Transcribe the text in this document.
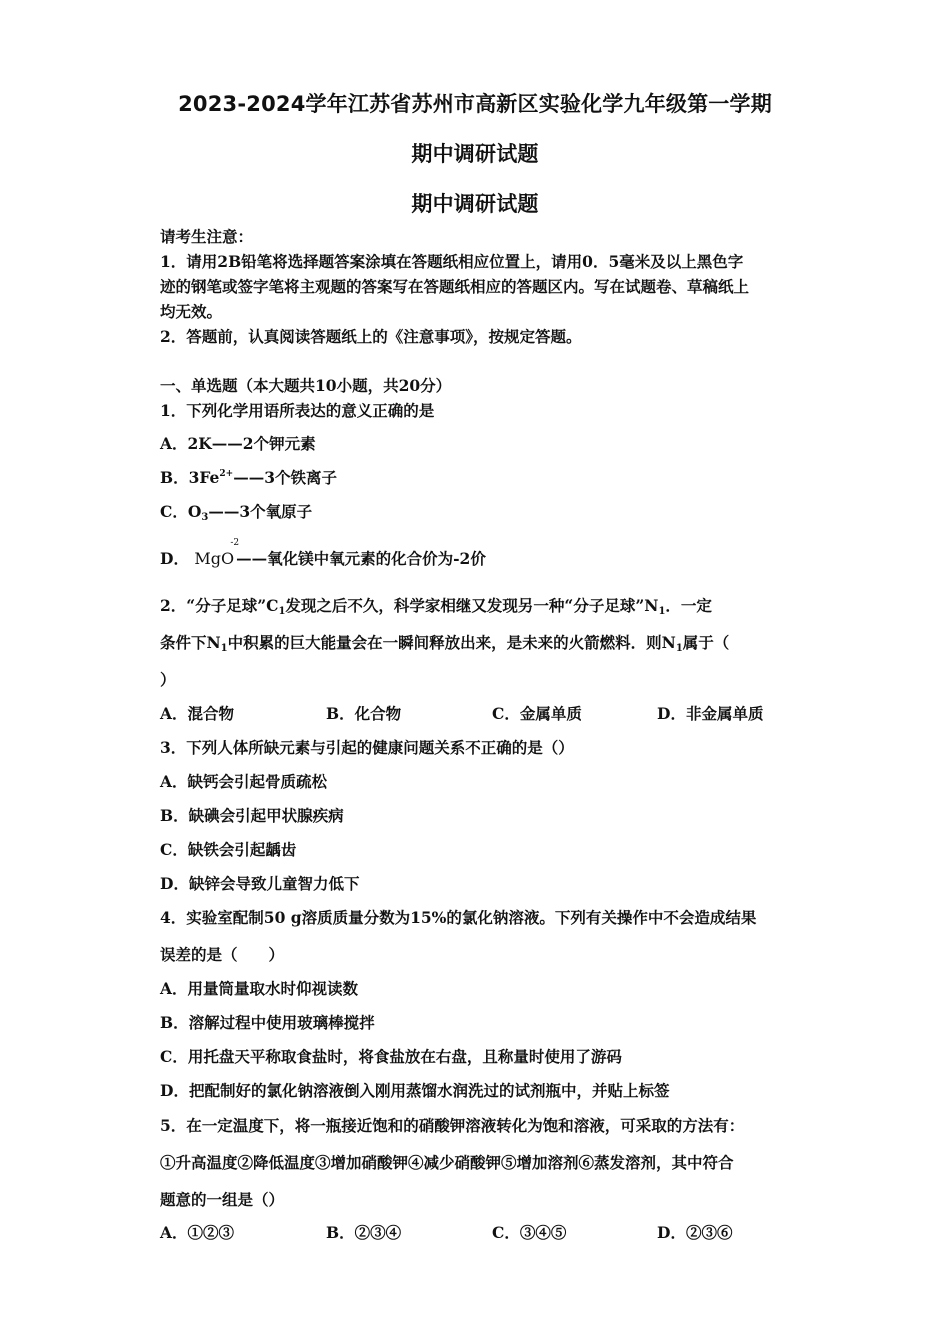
2023-2024学年江苏省苏州市高新区实验化学九年级第一学期
期中调研试题
期中调研试题
请考生注意：
1．请用2B铅笔将选择题答案涂填在答题纸相应位置上，请用0．5毫米及以上黑色字
迹的钢笔或签字笔将主观题的答案写在答题纸相应的答题区内。写在试题卷、草稿纸上
均无效。
2．答题前，认真阅读答题纸上的《注意事项》，按规定答题。
一、单选题（本大题共10小题，共20分）
1．下列化学用语所表达的意义正确的是
A．2K——2个钾元素
B．$3Fe^{2+}——3$个铁离子
C．$O_3——3$个氧原子
D．
-2
MgO ——氧化镁中氧元素的化合价为-2价
2．“分子足球$”C_1$发现之后不久，科学家相继又发现另一种“分子足球$”N_1$．一定
条件下$N_1$中积累的巨大能量会在一瞬间释放出来，是未来的火箭燃料．则$N_1$属于（
）
A．混合物	B．化合物	C．金属单质	D．非金属单质
3．下列人体所缺元素与引起的健康问题关系不正确的是（）
A．缺钙会引起骨质疏松
B．缺碘会引起甲状腺疾病
C．缺铁会引起龋齿
D．缺锌会导致儿童智力低下
4．实验室配制50 g溶质质量分数为15%的氯化钠溶液。下列有关操作中不会造成结果
误差的是（　　）
A．用量筒量取水时仰视读数
B．溶解过程中使用玻璃棒搅拌
C．用托盘天平称取食盐时，将食盐放在右盘，且称量时使用了游码
D．把配制好的氯化钠溶液倒入刚用蒸馏水润洗过的试剂瓶中，并贴上标签
5．在一定温度下，将一瓶接近饱和的硝酸钾溶液转化为饱和溶液，可采取的方法有：
①升高温度②降低温度③增加硝酸钾④减少硝酸钾⑤增加溶剂⑥蒸发溶剂，其中符合
题意的一组是（）
A．①②③	B．②③④	C．③④⑤	D．②③⑥
